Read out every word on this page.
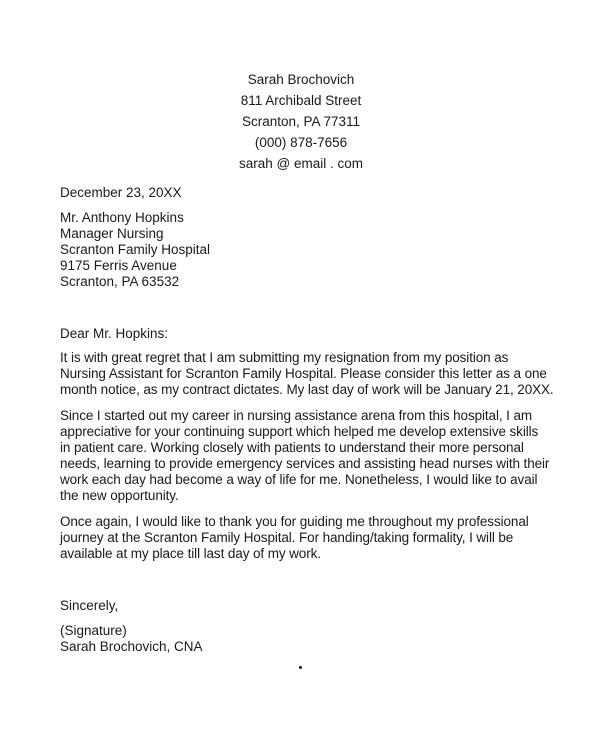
Sarah Brochovich
811 Archibald Street
Scranton, PA 77311
(000) 878-7656
sarah @ email . com
December 23, 20XX
Mr. Anthony Hopkins
Manager Nursing
Scranton Family Hospital
9175 Ferris Avenue
Scranton, PA 63532
Dear Mr. Hopkins:
It is with great regret that I am submitting my resignation from my position as
Nursing Assistant for Scranton Family Hospital. Please consider this letter as a one
month notice, as my contract dictates. My last day of work will be January 21, 20XX.
Since I started out my career in nursing assistance arena from this hospital, I am
appreciative for your continuing support which helped me develop extensive skills
in patient care. Working closely with patients to understand their more personal
needs, learning to provide emergency services and assisting head nurses with their
work each day had become a way of life for me. Nonetheless, I would like to avail
the new opportunity.
Once again, I would like to thank you for guiding me throughout my professional
journey at the Scranton Family Hospital. For handing/taking formality, I will be
available at my place till last day of my work.
Sincerely,
(Signature)
Sarah Brochovich, CNA
